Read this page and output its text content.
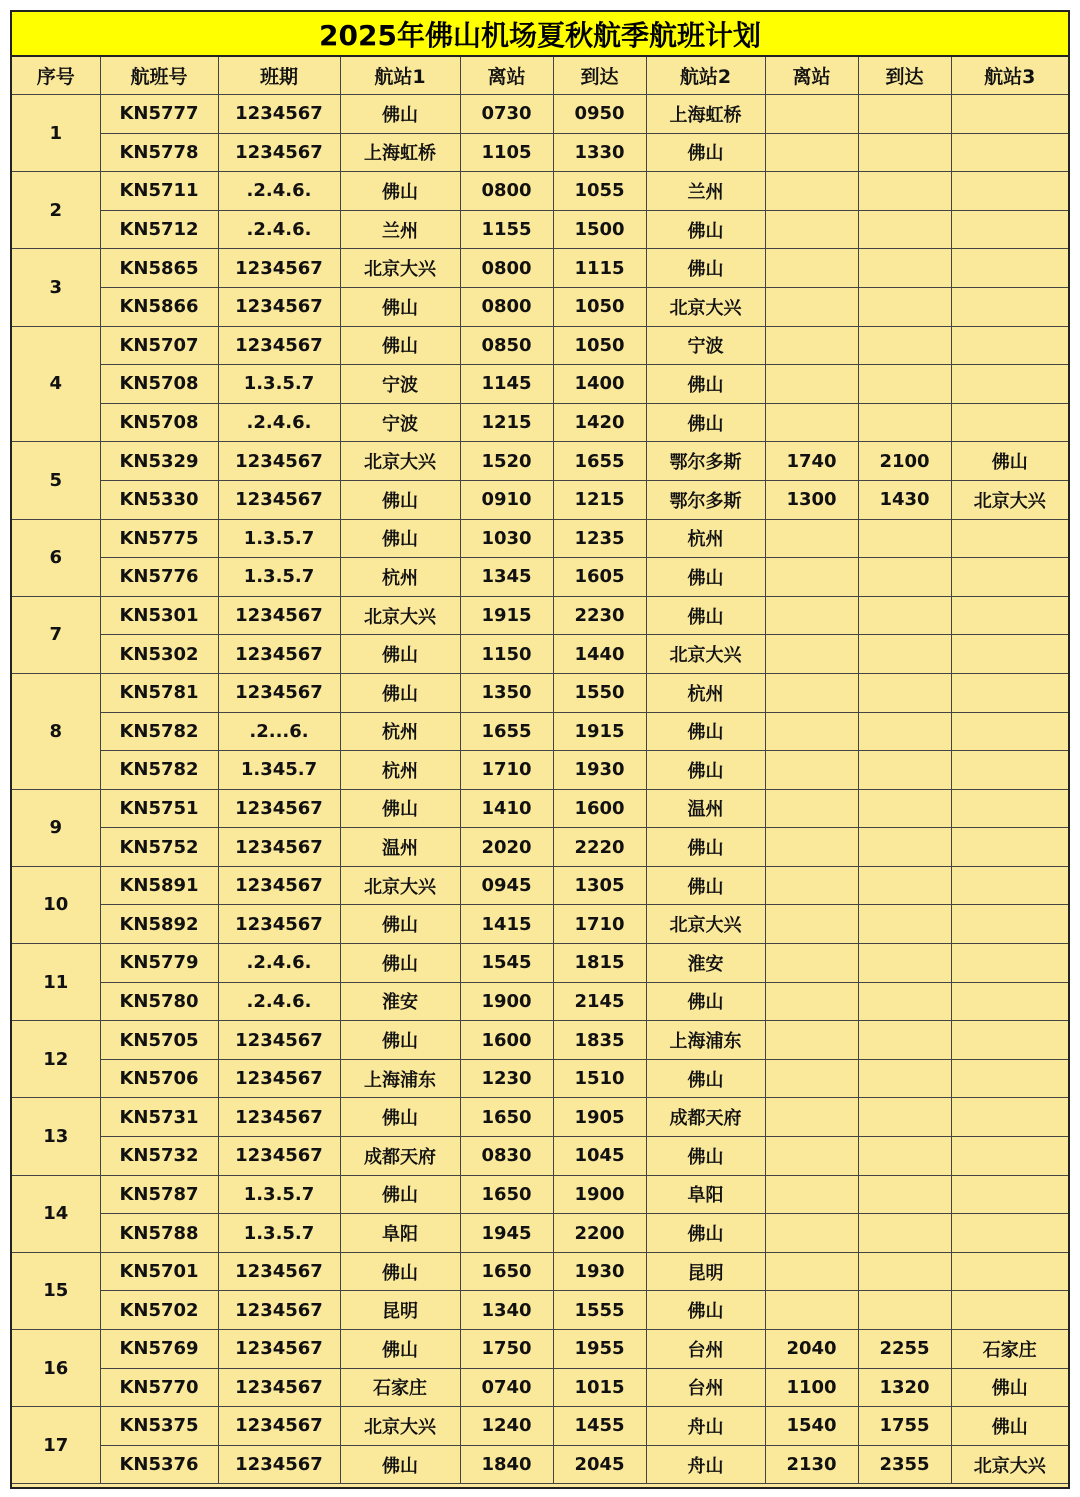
2025年佛山机场夏秋航季航班计划
序号	航班号	班期	航站1	离站	到达	航站2	离站	到达	航站3
1	KN5777	1234567	佛山	0730	0950	上海虹桥			
	KN5778	1234567	上海虹桥	1105	1330	佛山			
2	KN5711	.2.4.6.	佛山	0800	1055	兰州			
	KN5712	.2.4.6.	兰州	1155	1500	佛山			
3	KN5865	1234567	北京大兴	0800	1115	佛山			
	KN5866	1234567	佛山	0800	1050	北京大兴			
4	KN5707	1234567	佛山	0850	1050	宁波			
	KN5708	1.3.5.7	宁波	1145	1400	佛山			
	KN5708	.2.4.6.	宁波	1215	1420	佛山			
5	KN5329	1234567	北京大兴	1520	1655	鄂尔多斯	1740	2100	佛山
	KN5330	1234567	佛山	0910	1215	鄂尔多斯	1300	1430	北京大兴
6	KN5775	1.3.5.7	佛山	1030	1235	杭州			
	KN5776	1.3.5.7	杭州	1345	1605	佛山			
7	KN5301	1234567	北京大兴	1915	2230	佛山			
	KN5302	1234567	佛山	1150	1440	北京大兴			
8	KN5781	1234567	佛山	1350	1550	杭州			
	KN5782	.2...6.	杭州	1655	1915	佛山			
	KN5782	1.345.7	杭州	1710	1930	佛山			
9	KN5751	1234567	佛山	1410	1600	温州			
	KN5752	1234567	温州	2020	2220	佛山			
10	KN5891	1234567	北京大兴	0945	1305	佛山			
	KN5892	1234567	佛山	1415	1710	北京大兴			
11	KN5779	.2.4.6.	佛山	1545	1815	淮安			
	KN5780	.2.4.6.	淮安	1900	2145	佛山			
12	KN5705	1234567	佛山	1600	1835	上海浦东			
	KN5706	1234567	上海浦东	1230	1510	佛山			
13	KN5731	1234567	佛山	1650	1905	成都天府			
	KN5732	1234567	成都天府	0830	1045	佛山			
14	KN5787	1.3.5.7	佛山	1650	1900	阜阳			
	KN5788	1.3.5.7	阜阳	1945	2200	佛山			
15	KN5701	1234567	佛山	1650	1930	昆明			
	KN5702	1234567	昆明	1340	1555	佛山			
16	KN5769	1234567	佛山	1750	1955	台州	2040	2255	石家庄
	KN5770	1234567	石家庄	0740	1015	台州	1100	1320	佛山
17	KN5375	1234567	北京大兴	1240	1455	舟山	1540	1755	佛山
	KN5376	1234567	佛山	1840	2045	舟山	2130	2355	北京大兴
